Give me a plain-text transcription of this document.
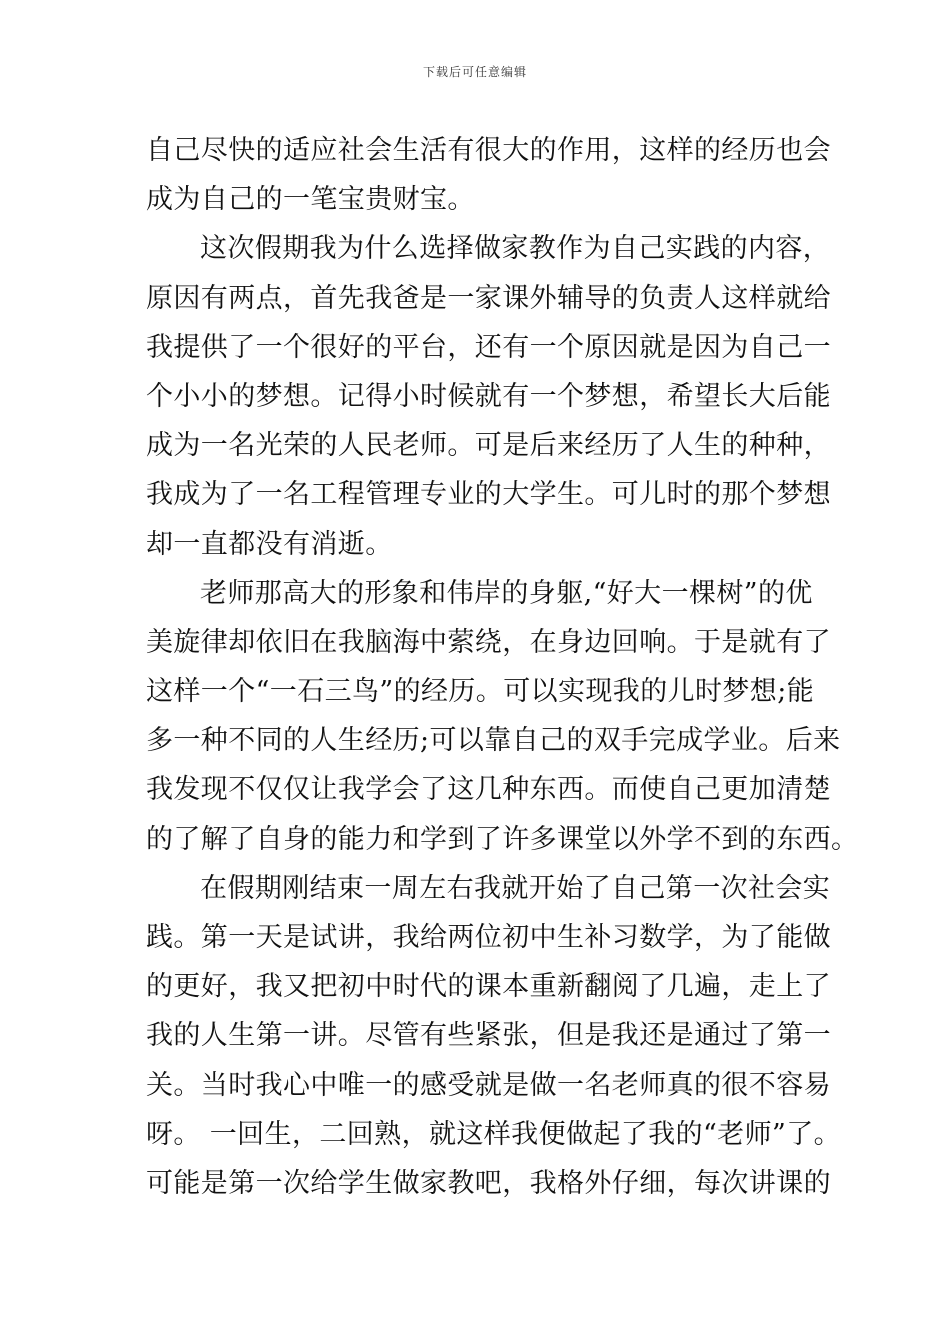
下载后可任意编辑
自己尽快的适应社会生活有很大的作用，这样的经历也会
成为自己的一笔宝贵财宝。
这次假期我为什么选择做家教作为自己实践的内容，
原因有两点，首先我爸是一家课外辅导的负责人这样就给
我提供了一个很好的平台，还有一个原因就是因为自己一
个小小的梦想。记得小时候就有一个梦想，希望长大后能
成为一名光荣的人民老师。可是后来经历了人生的种种，
我成为了一名工程管理专业的大学生。可儿时的那个梦想
却一直都没有消逝。
老师那高大的形象和伟岸的身躯,“好大一棵树”的优
美旋律却依旧在我脑海中萦绕，在身边回响。于是就有了
这样一个“一石三鸟”的经历。可以实现我的儿时梦想;能
多一种不同的人生经历;可以靠自己的双手完成学业。后来
我发现不仅仅让我学会了这几种东西。而使自己更加清楚
的了解了自身的能力和学到了许多课堂以外学不到的东西。
在假期刚结束一周左右我就开始了自己第一次社会实
践。第一天是试讲，我给两位初中生补习数学，为了能做
的更好，我又把初中时代的课本重新翻阅了几遍，走上了
我的人生第一讲。尽管有些紧张，但是我还是通过了第一
关。当时我心中唯一的感受就是做一名老师真的很不容易
呀。 一回生，二回熟，就这样我便做起了我的“老师”了。
可能是第一次给学生做家教吧，我格外仔细，每次讲课的
